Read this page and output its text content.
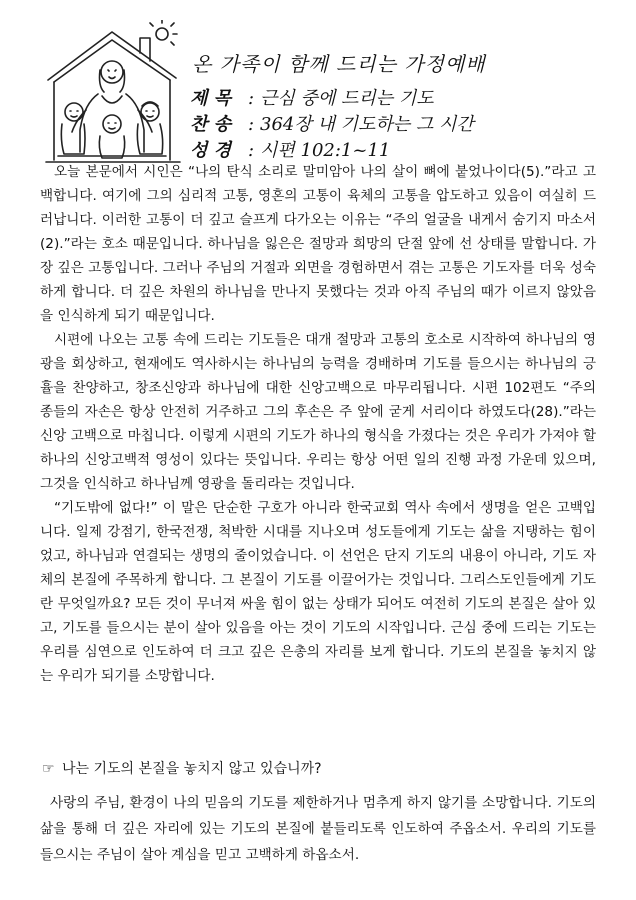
온 가족이 함께 드리는 가정예배
제 목 : 근심 중에 드리는 기도
찬 송 : 364장 내 기도하는 그 시간
성 경 : 시편 102:1~11

오늘 본문에서 시인은 “나의 탄식 소리로 말미암아 나의 살이 뼈에 붙었나이다(5).”라고 고백합니다. 여기에 그의 심리적 고통, 영혼의 고통이 육체의 고통을 압도하고 있음이 여실히 드러납니다. 이러한 고통이 더 깊고 슬프게 다가오는 이유는 “주의 얼굴을 내게서 숨기지 마소서(2).”라는 호소 때문입니다. 하나님을 잃은은 절망과 희망의 단절 앞에 선 상태를 말합니다. 가장 깊은 고통입니다. 그러나 주님의 거절과 외면을 경험하면서 겪는 고통은 기도자를 더욱 성숙하게 합니다. 더 깊은 차원의 하나님을 만나지 못했다는 것과 아직 주님의 때가 이르지 않았음을 인식하게 되기 때문입니다.

시편에 나오는 고통 속에 드리는 기도들은 대개 절망과 고통의 호소로 시작하여 하나님의 영광을 회상하고, 현재에도 역사하시는 하나님의 능력을 경배하며 기도를 들으시는 하나님의 긍휼을 찬양하고, 창조신앙과 하나님에 대한 신앙고백으로 마무리됩니다. 시편 102편도 “주의 종들의 자손은 항상 안전히 거주하고 그의 후손은 주 앞에 굳게 서리이다 하였도다(28).”라는 신앙 고백으로 마칩니다. 이렇게 시편의 기도가 하나의 형식을 가졌다는 것은 우리가 가져야 할 하나의 신앙고백적 영성이 있다는 뜻입니다. 우리는 항상 어떤 일의 진행 과정 가운데 있으며, 그것을 인식하고 하나님께 영광을 돌리라는 것입니다.

“기도밖에 없다!” 이 말은 단순한 구호가 아니라 한국교회 역사 속에서 생명을 얻은 고백입니다. 일제 강점기, 한국전쟁, 척박한 시대를 지나오며 성도들에게 기도는 삶을 지탱하는 힘이었고, 하나님과 연결되는 생명의 줄이었습니다. 이 선언은 단지 기도의 내용이 아니라, 기도 자체의 본질에 주목하게 합니다. 그 본질이 기도를 이끌어가는 것입니다. 그리스도인들에게 기도란 무엇일까요? 모든 것이 무너져 싸울 힘이 없는 상태가 되어도 여전히 기도의 본질은 살아 있고, 기도를 들으시는 분이 살아 있음을 아는 것이 기도의 시작입니다. 근심 중에 드리는 기도는 우리를 심연으로 인도하여 더 크고 깊은 은총의 자리를 보게 합니다. 기도의 본질을 놓치지 않는 우리가 되기를 소망합니다.

☞ 나는 기도의 본질을 놓치지 않고 있습니까?

사랑의 주님, 환경이 나의 믿음의 기도를 제한하거나 멈추게 하지 않기를 소망합니다. 기도의 삶을 통해 더 깊은 자리에 있는 기도의 본질에 붙들리도록 인도하여 주옵소서. 우리의 기도를 들으시는 주님이 살아 계심을 믿고 고백하게 하옵소서.
